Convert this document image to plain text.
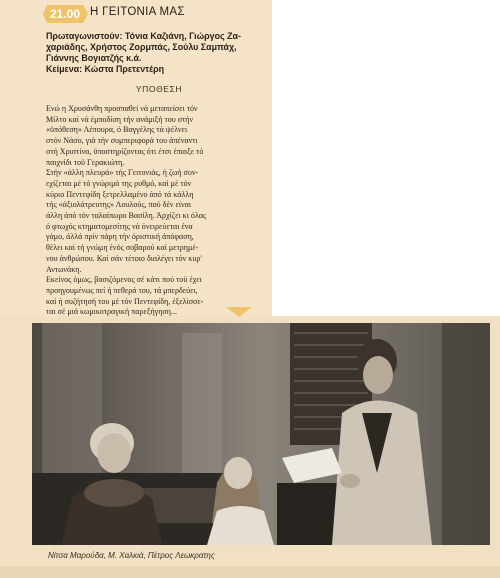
21.00 Η ΓΕΙΤΟΝΙΑ ΜΑΣ
Πρωταγωνιστούν: Τόνια Καζιάνη, Γιώργος Ζα-
χαριάδης, Χρήστος Ζορμπάς, Σούλυ Σαμπάχ,
Γιάννης Βογιατζής κ.ά.
Κείμενα: Κώστα Πρετεντέρη
ΥΠΟΘΕΣΗ
Ενώ η Χρυσάνθη προσπαθεί νά μεταπείσει τόν
Μίλτο καί νά έμποδίση τήν ανάμιξή του στήν
«ϋπόθεση» Λέπουρα, ό Βαγγέλης τά ψέλνει
στόν Νάσο, γιά τήν συμπεριφορά του άπέναντι
στή Χριστίνα, ϋποστηρίζοντας ότι έτσι έπαιξε τό
παιχνίδι τοϋ Γερακιώτη.
Στήν «άλλη πλευρά» τής Γειτονιάς, ή ζωή συν-
εχίζεται μέ τό γνώριμό της ρυθμό, καί μέ τόν
κύριο Πεντεφίδη ξετρελλαμένο άπό τά κάλλη
τής «άξιολάτρευτης» Λουλούς, πού δέν είναι
άλλη άπό τόν ταλαίπωρο Βασίλη. Άρχίζει κι όλας
ό φτωχός κτηματομεσίτης νά όνειρεύεται ένα
γάμο, άλλά πρίν πάρη τήν όριστική άπόφαση,
θέλει καί τή γνώμη ένός σοβαρού καί μετρημέ-
νου άνθρώπου. Καί σάν τέτοιο διαλέγει τόν κυρ'
Αντωνάκη.
Εκείνος όμως, βασιζόμενος σέ κάτι πού τοϋ έχει
προηγουμένως πεί ή πεθερά του, τά μπερδεύει,
καί ή συζήτησή του μέ τόν Πεντεφίδη, έξελίσσε-
ται σέ μιά κωμικοτραγική παρεξήγηση...
Νίτσα Μαρούδα, Μ. Χαλκιά, Πέτρος Λεωκρατης
